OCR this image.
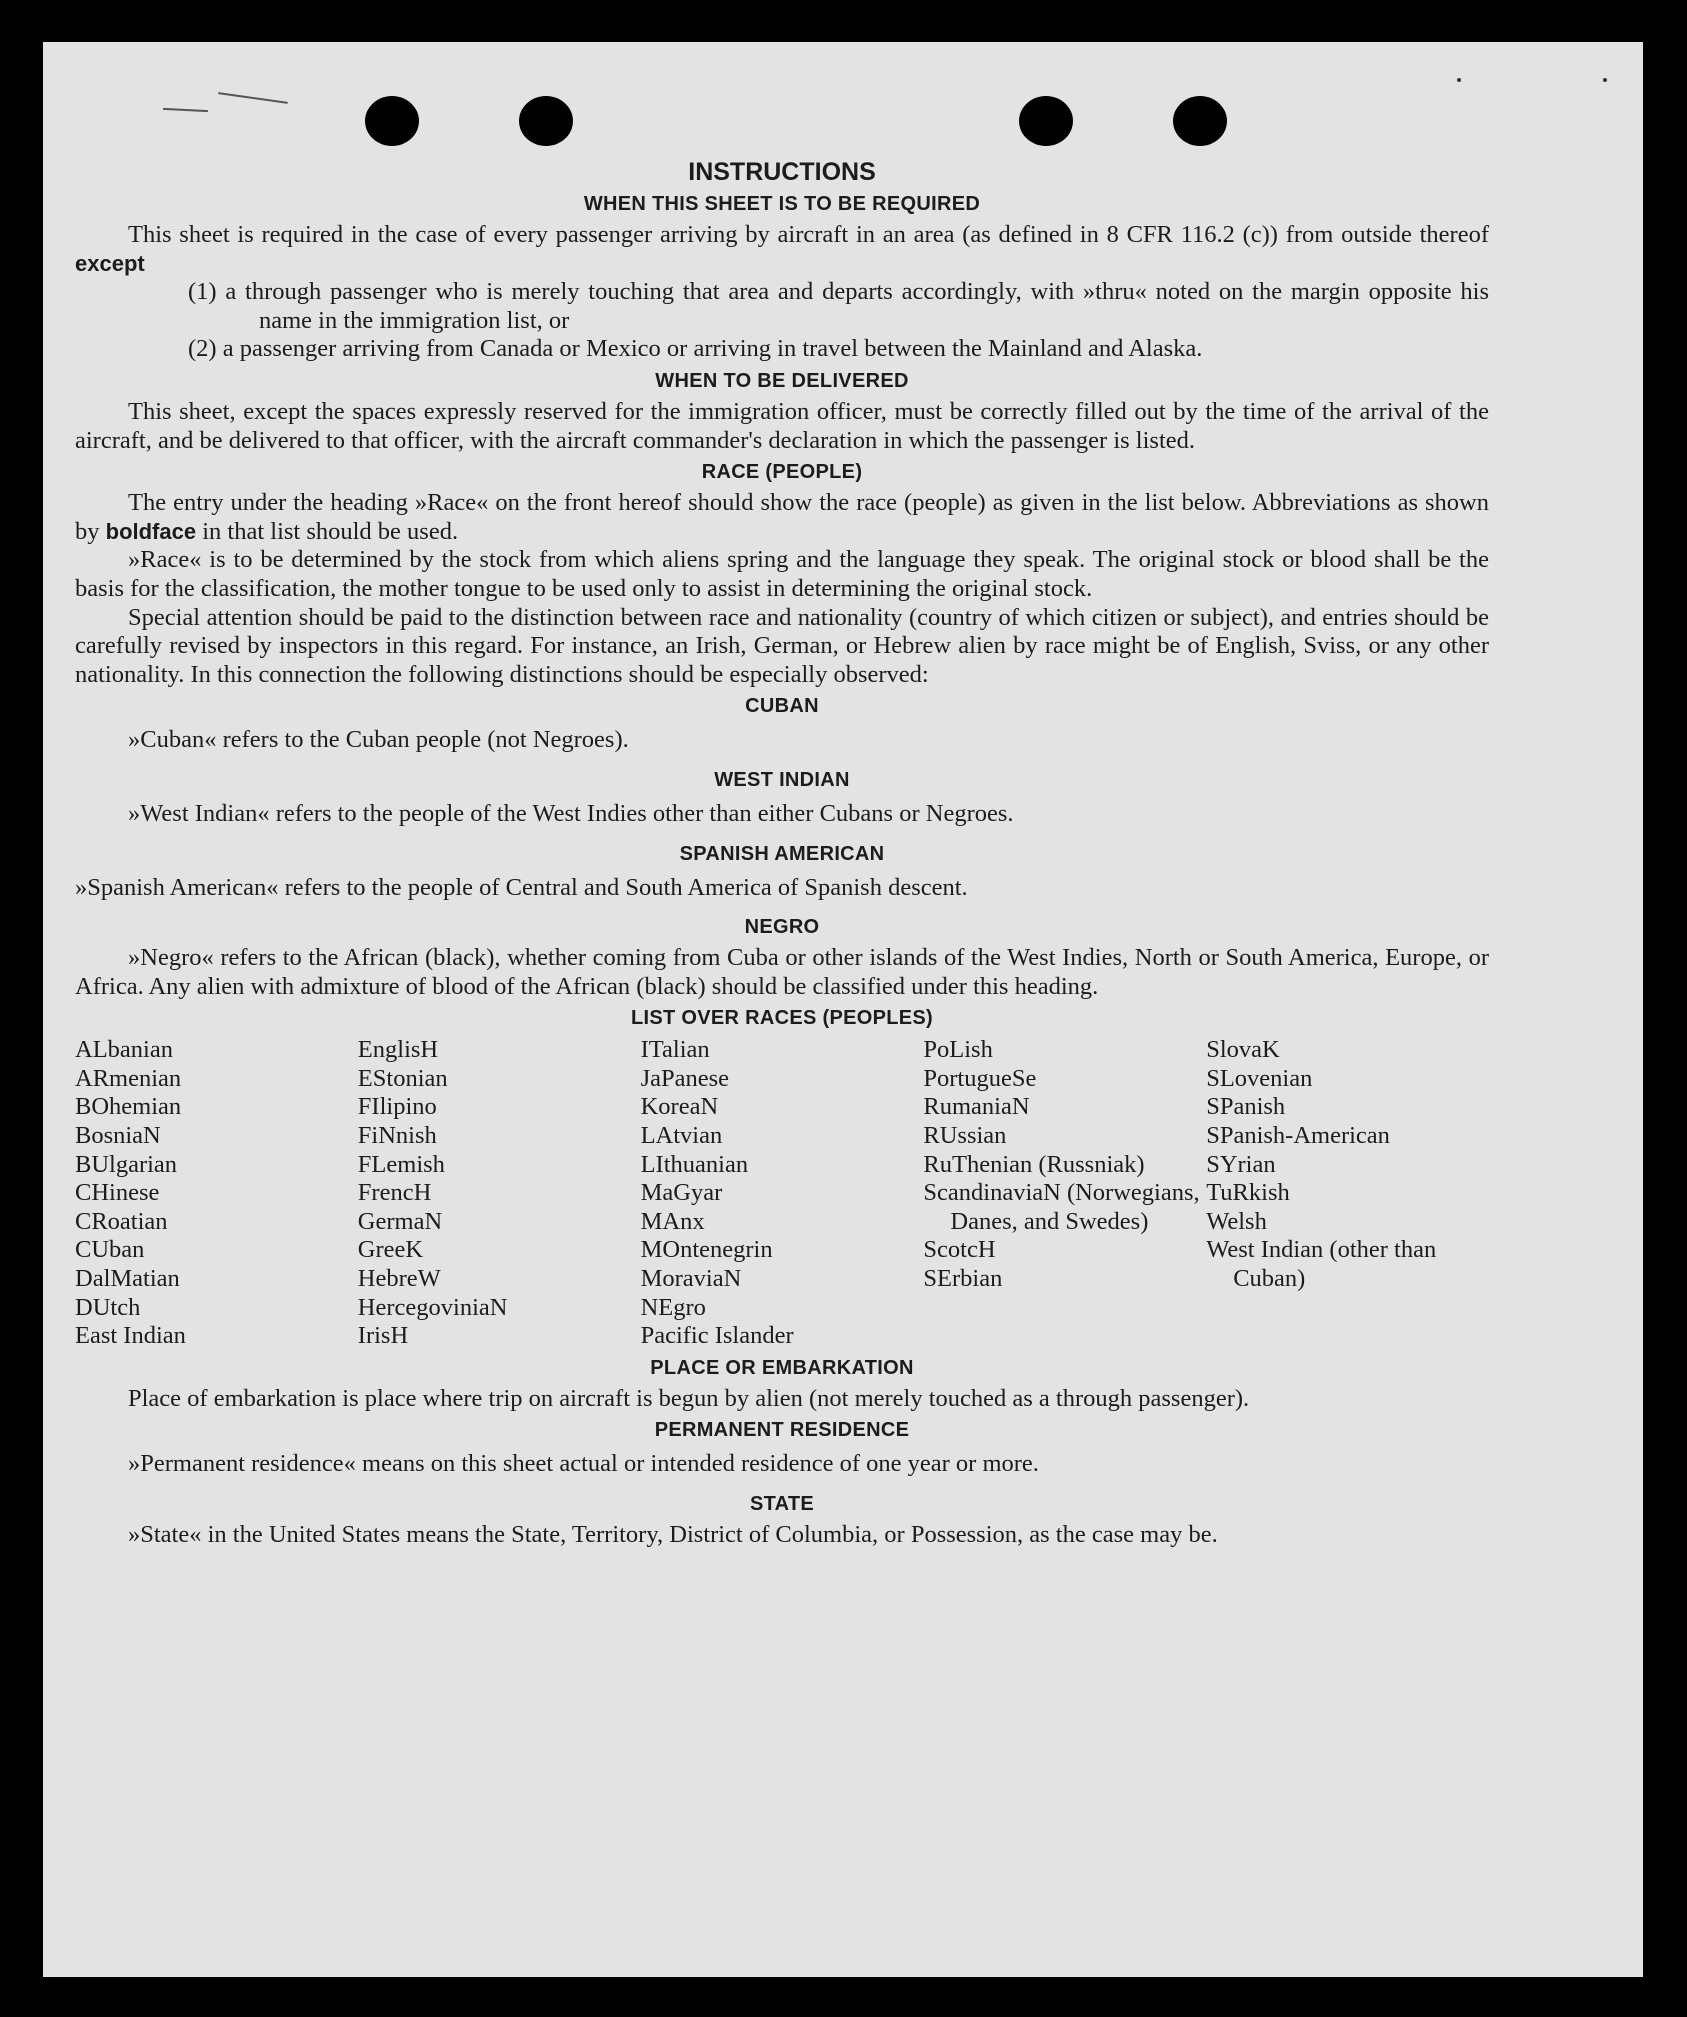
INSTRUCTIONS
WHEN THIS SHEET IS TO BE REQUIRED

This sheet is required in the case of every passenger arriving by aircraft in an area (as defined in 8 CFR 116.2 (c)) from outside thereof except

(1) a through passenger who is merely touching that area and departs accordingly, with »thru« noted on the margin opposite his name in the immigration list, or
(2) a passenger arriving from Canada or Mexico or arriving in travel between the Mainland and Alaska.
WHEN TO BE DELIVERED

This sheet, except the spaces expressly reserved for the immigration officer, must be correctly filled out by the time of the arrival of the aircraft, and be delivered to that officer, with the aircraft commander's declaration in which the passenger is listed.

RACE (PEOPLE)

The entry under the heading »Race« on the front hereof should show the race (people) as given in the list below. Abbreviations as shown by boldface in that list should be used.

»Race« is to be determined by the stock from which aliens spring and the language they speak. The original stock or blood shall be the basis for the classification, the mother tongue to be used only to assist in determining the original stock.

Special attention should be paid to the distinction between race and nationality (country of which citizen or subject), and entries should be carefully revised by inspectors in this regard. For instance, an Irish, German, or Hebrew alien by race might be of English, Sviss, or any other nationality. In this connection the following distinctions should be especially observed:

CUBAN

»Cuban« refers to the Cuban people (not Negroes).

WEST INDIAN

»West Indian« refers to the people of the West Indies other than either Cubans or Negroes.

SPANISH AMERICAN

»Spanish American« refers to the people of Central and South America of Spanish descent.

NEGRO

»Negro« refers to the African (black), whether coming from Cuba or other islands of the West Indies, North or South America, Europe, or Africa. Any alien with admixture of blood of the African (black) should be classified under this heading.

LIST OVER RACES (PEOPLES)
ALbanian
ARmenian
BOhemian
BosniaN
BUlgarian
CHinese
CRoatian
CUban
DalMatian
DUtch
East Indian
EnglisH
EStonian
FIlipino
FiNnish
FLemish
FrencH
GermaN
GreeK
HebreW
HercegoviniaN
IrisH
ITalian
JaPanese
KoreaN
LAtvian
LIthuanian
MaGyar
MAnx
MOntenegrin
MoraviaN
NEgro
Pacific Islander
PoLish
PortugueSe
RumaniaN
RUssian
RuThenian (Russniak)
ScandinaviaN (Norwegians, Danes, and Swedes)
ScotcH
SErbian
SlovaK
SLovenian
SPanish
SPanish-American
SYrian
TuRkish
Welsh
West Indian (other than Cuban)
PLACE OR EMBARKATION

Place of embarkation is place where trip on aircraft is begun by alien (not merely touched as a through passenger).

PERMANENT RESIDENCE

»Permanent residence« means on this sheet actual or intended residence of one year or more.

STATE

»State« in the United States means the State, Territory, District of Columbia, or Possession, as the case may be.
